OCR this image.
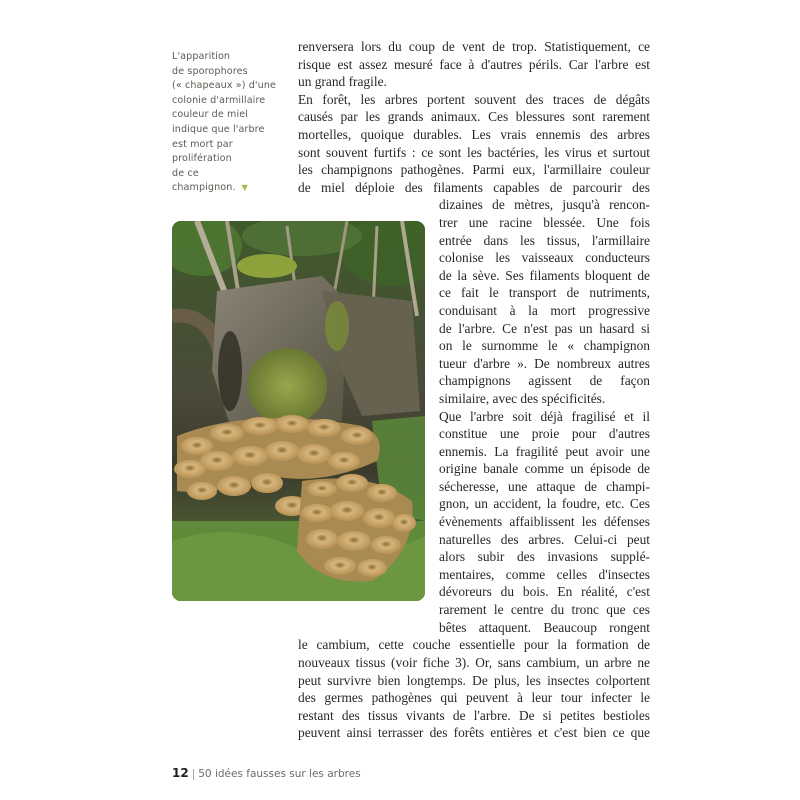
L'apparition
de sporophores
(« chapeaux ») d'une
colonie d'armillaire
couleur de miel
indique que l'arbre
est mort par
prolifération
de ce
champignon. ▼
renversera lors du coup de vent de trop. Statistiquement, ce
risque est assez mesuré face à d'autres périls. Car l'arbre est
un grand fragile.
En forêt, les arbres portent souvent des traces de dégâts
causés par les grands animaux. Ces blessures sont rarement
mortelles, quoique durables. Les vrais ennemis des arbres
sont souvent furtifs : ce sont les bactéries, les virus et surtout
les champignons pathogènes. Parmi eux, l'armillaire couleur
de miel déploie des filaments capables de parcourir des
dizaines de mètres, jusqu'à rencon-
trer une racine blessée. Une fois
entrée dans les tissus, l'armillaire
colonise les vaisseaux conducteurs
de la sève. Ses filaments bloquent de
ce fait le transport de nutriments,
conduisant à la mort progressive
de l'arbre. Ce n'est pas un hasard si
on le surnomme le « champignon
tueur d'arbre ». De nombreux autres
champignons agissent de façon
similaire, avec des spécificités.
Que l'arbre soit déjà fragilisé et il
constitue une proie pour d'autres
ennemis. La fragilité peut avoir une
origine banale comme un épisode de
sécheresse, une attaque de champi-
gnon, un accident, la foudre, etc. Ces
évènements affaiblissent les défenses
naturelles des arbres. Celui-ci peut
alors subir des invasions supplé-
mentaires, comme celles d'insectes
dévoreurs du bois. En réalité, c'est
rarement le centre du tronc que ces
bêtes attaquent. Beaucoup rongent
le cambium, cette couche essentielle pour la formation de
nouveaux tissus (voir fiche 3). Or, sans cambium, un arbre ne
peut survivre bien longtemps. De plus, les insectes colportent
des germes pathogènes qui peuvent à leur tour infecter le
restant des tissus vivants de l'arbre. De si petites bestioles
peuvent ainsi terrasser des forêts entières et c'est bien ce que
12 | 50 idées fausses sur les arbres
